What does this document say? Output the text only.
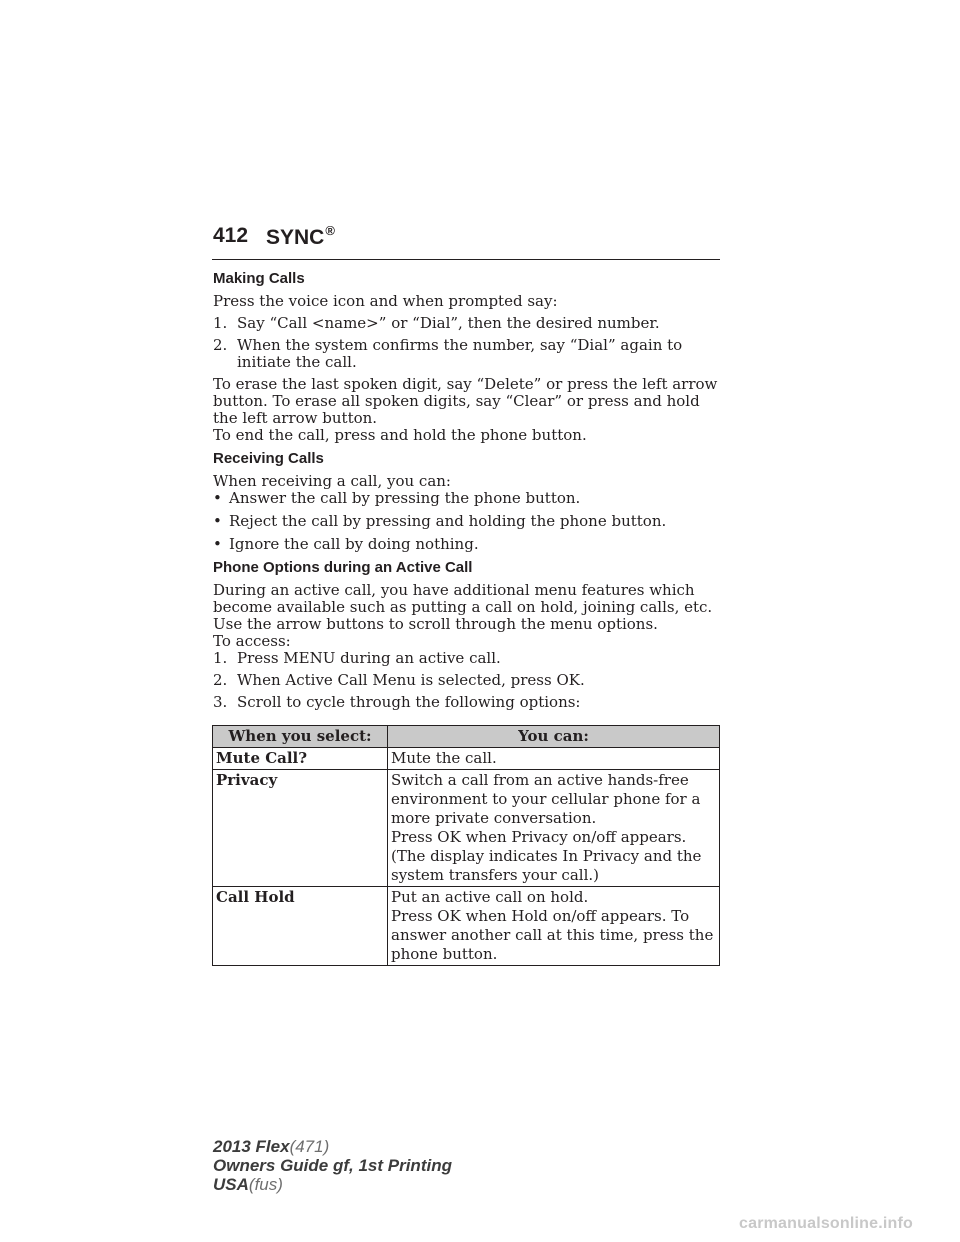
412 SYNC®
Making Calls

Press the voice icon and when prompted say:

1. Say “Call <name>” or “Dial”, then the desired number.
2. When the system confirms the number, say “Dial” again to initiate the call.

To erase the last spoken digit, say “Delete” or press the left arrow button. To erase all spoken digits, say “Clear” or press and hold the left arrow button.

To end the call, press and hold the phone button.

Receiving Calls

When receiving a call, you can:

• Answer the call by pressing the phone button.
• Reject the call by pressing and holding the phone button.
• Ignore the call by doing nothing.
Phone Options during an Active Call

During an active call, you have additional menu features which become available such as putting a call on hold, joining calls, etc. Use the arrow buttons to scroll through the menu options.

To access:

1. Press MENU during an active call.
2. When Active Call Menu is selected, press OK.
3. Scroll to cycle through the following options:
When you select:	You can:
Mute Call?	Mute the call.

Privacy	Switch a call from an active hands-free environment to your cellular phone for a more private conversation.

Press OK when Privacy on/off appears. (The display indicates In Privacy and the system transfers your call.)

Call Hold	Put an active call on hold.

Press OK when Hold on/off appears. To answer another call at this time, press the phone button.

2013 Flex(471)
Owners Guide gf, 1st Printing
USA(fus)
carmanualsonline.info
